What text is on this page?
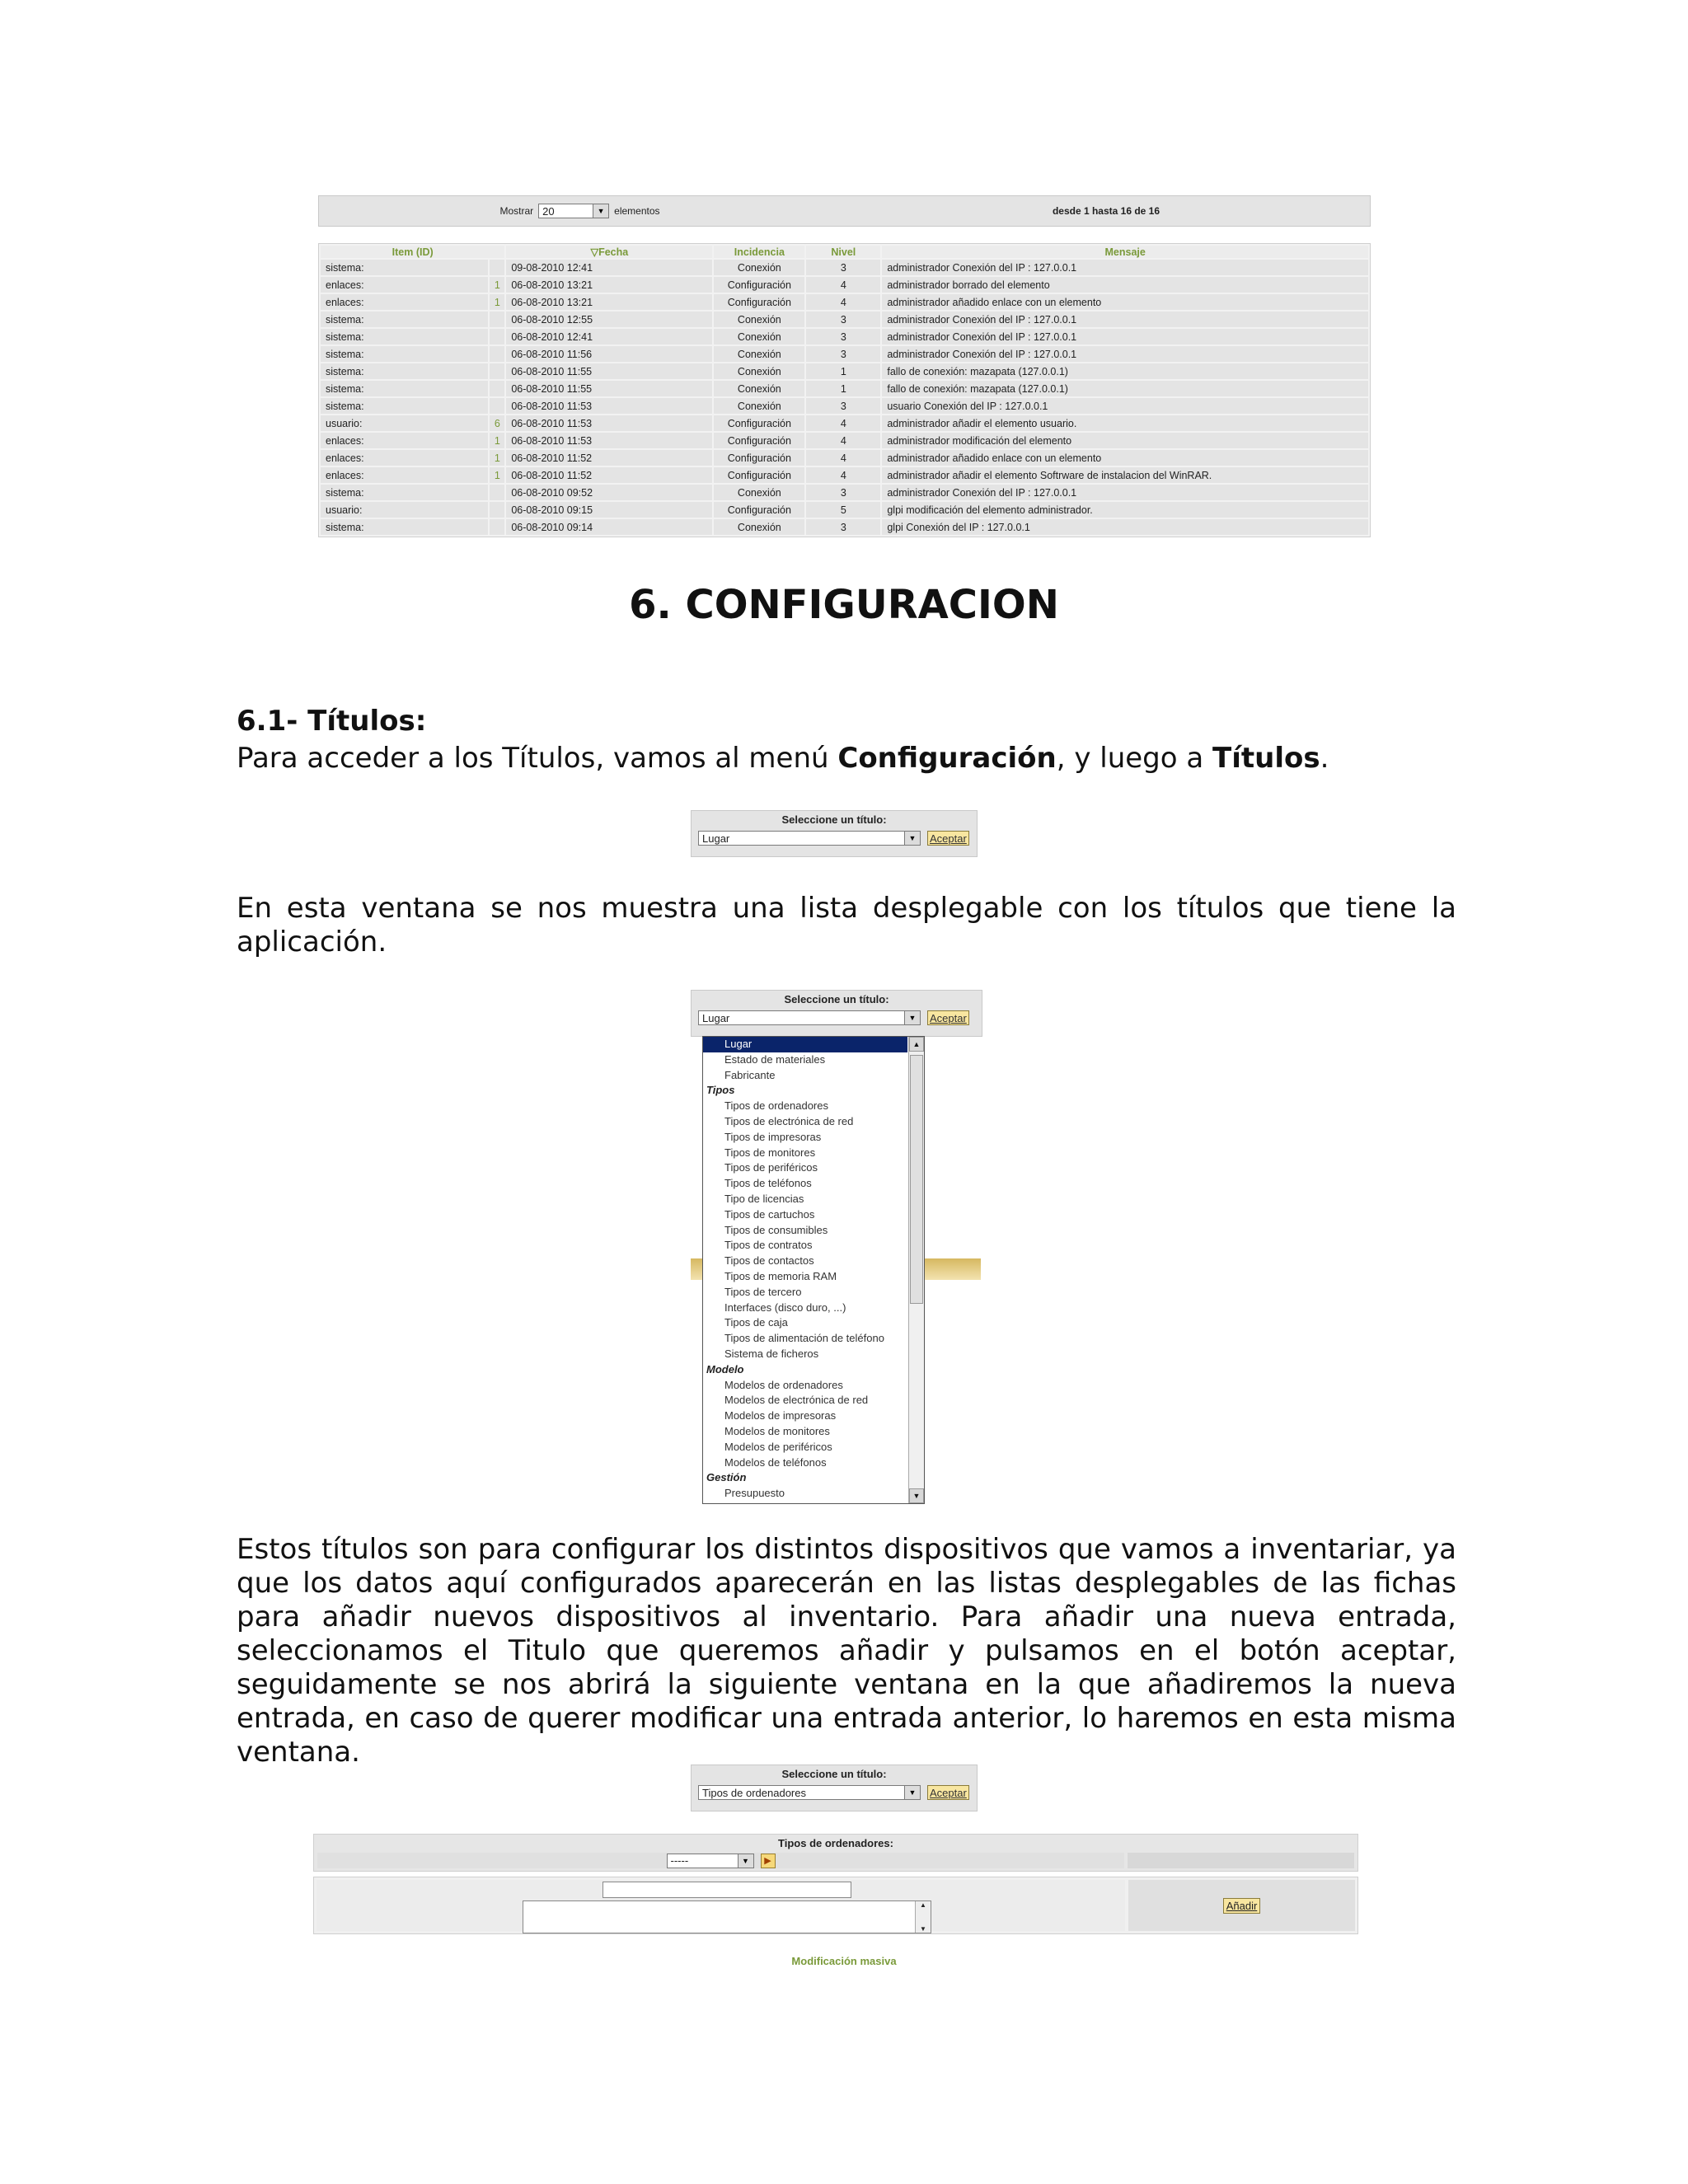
Mostrar 20	▼ elementos	desde 1 hasta 16 de 16
Item (ID)		▽Fecha	Incidencia	Nivel	Mensaje
sistema:		09-08-2010 12:41	Conexión	3	administrador Conexión del IP : 127.0.0.1
enlaces:	1	06-08-2010 13:21	Configuración	4	administrador borrado del elemento
enlaces:	1	06-08-2010 13:21	Configuración	4	administrador añadido enlace con un elemento
sistema:		06-08-2010 12:55	Conexión	3	administrador Conexión del IP : 127.0.0.1
sistema:		06-08-2010 12:41	Conexión	3	administrador Conexión del IP : 127.0.0.1
sistema:		06-08-2010 11:56	Conexión	3	administrador Conexión del IP : 127.0.0.1
sistema:		06-08-2010 11:55	Conexión	1	fallo de conexión: mazapata (127.0.0.1)
sistema:		06-08-2010 11:55	Conexión	1	fallo de conexión: mazapata (127.0.0.1)
sistema:		06-08-2010 11:53	Conexión	3	usuario Conexión del IP : 127.0.0.1
usuario:	6	06-08-2010 11:53	Configuración	4	administrador añadir el elemento usuario.
enlaces:	1	06-08-2010 11:53	Configuración	4	administrador modificación del elemento
enlaces:	1	06-08-2010 11:52	Configuración	4	administrador añadido enlace con un elemento
enlaces:	1	06-08-2010 11:52	Configuración	4	administrador añadir el elemento Softrware de instalacion del WinRAR.
sistema:		06-08-2010 09:52	Conexión	3	administrador Conexión del IP : 127.0.0.1
usuario:		06-08-2010 09:15	Configuración	5	glpi modificación del elemento administrador.
sistema:		06-08-2010 09:14	Conexión	3	glpi Conexión del IP : 127.0.0.1
6. CONFIGURACION
6.1- Títulos:
Para acceder a los Títulos, vamos al menú Configuración, y luego a Títulos.
Seleccione un título:
Lugar	▼	Aceptar
En esta ventana se nos muestra una lista desplegable con los títulos que tiene la aplicación.
Seleccione un título:
Lugar	▼	Aceptar
Lugar
Estado de materiales
Fabricante
Tipos
Tipos de ordenadores
Tipos de electrónica de red
Tipos de impresoras
Tipos de monitores
Tipos de periféricos
Tipos de teléfonos
Tipo de licencias
Tipos de cartuchos
Tipos de consumibles
Tipos de contratos
Tipos de contactos
Tipos de memoria RAM
Tipos de tercero
Interfaces (disco duro, ...)
Tipos de caja
Tipos de alimentación de teléfono
Sistema de ficheros
Modelo
Modelos de ordenadores
Modelos de electrónica de red
Modelos de impresoras
Modelos de monitores
Modelos de periféricos
Modelos de teléfonos
Gestión
Presupuesto
▲
▼
Estos títulos son para configurar los distintos dispositivos que vamos a inventariar, ya que los datos aquí configurados aparecerán en las listas desplegables de las fichas para añadir nuevos dispositivos al inventario. Para añadir una nueva entrada, seleccionamos el Titulo que queremos añadir y pulsamos en el botón aceptar, seguidamente se nos abrirá la siguiente ventana en la que añadiremos la nueva entrada, en caso de querer modificar una entrada anterior, lo haremos en esta misma ventana.
Seleccione un título:
Tipos de ordenadores	▼	Aceptar
Tipos de ordenadores:
-----	▼	▶
▲
▼
Añadir
Modificación masiva
